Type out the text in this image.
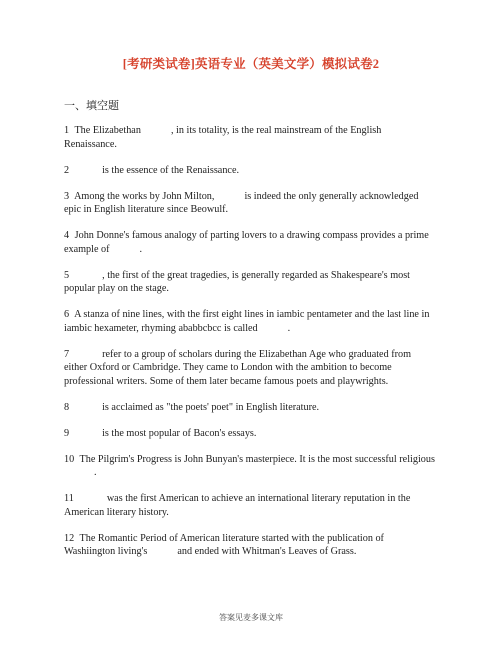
[考研类试卷]英语专业（英美文学）模拟试卷2
一、填空题
1 The Elizabethan	, in its totality, is the real mainstream of the English Renaissance.
2	is the essence of the Renaissance.
3 Among the works by John Milton,	is indeed the only generally acknowledged epic in English literature since Beowulf.
4 John Donne's famous analogy of parting lovers to a drawing compass provides a prime example of	.
5	, the first of the great tragedies, is generally regarded as Shakespeare's most popular play on the stage.
6 A stanza of nine lines, with the first eight lines in iambic pentameter and the last line in iambic hexameter, rhyming ababbcbcc is called	.
7	refer to a group of scholars during the Elizabethan Age who graduated from either Oxford or Cambridge. They came to London with the ambition to become professional writers. Some of them later became famous poets and playwrights.
8	is acclaimed as "the poets' poet" in English literature.
9	is the most popular of Bacon's essays.
10 The Pilgrim's Progress is John Bunyan's masterpiece. It is the most successful religious.
11	was the first American to achieve an international literary reputation in the American literary history.
12 The Romantic Period of American literature started with the publication of Washiington living's	and ended with Whitman's Leaves of Grass.
答案见麦多课文库
